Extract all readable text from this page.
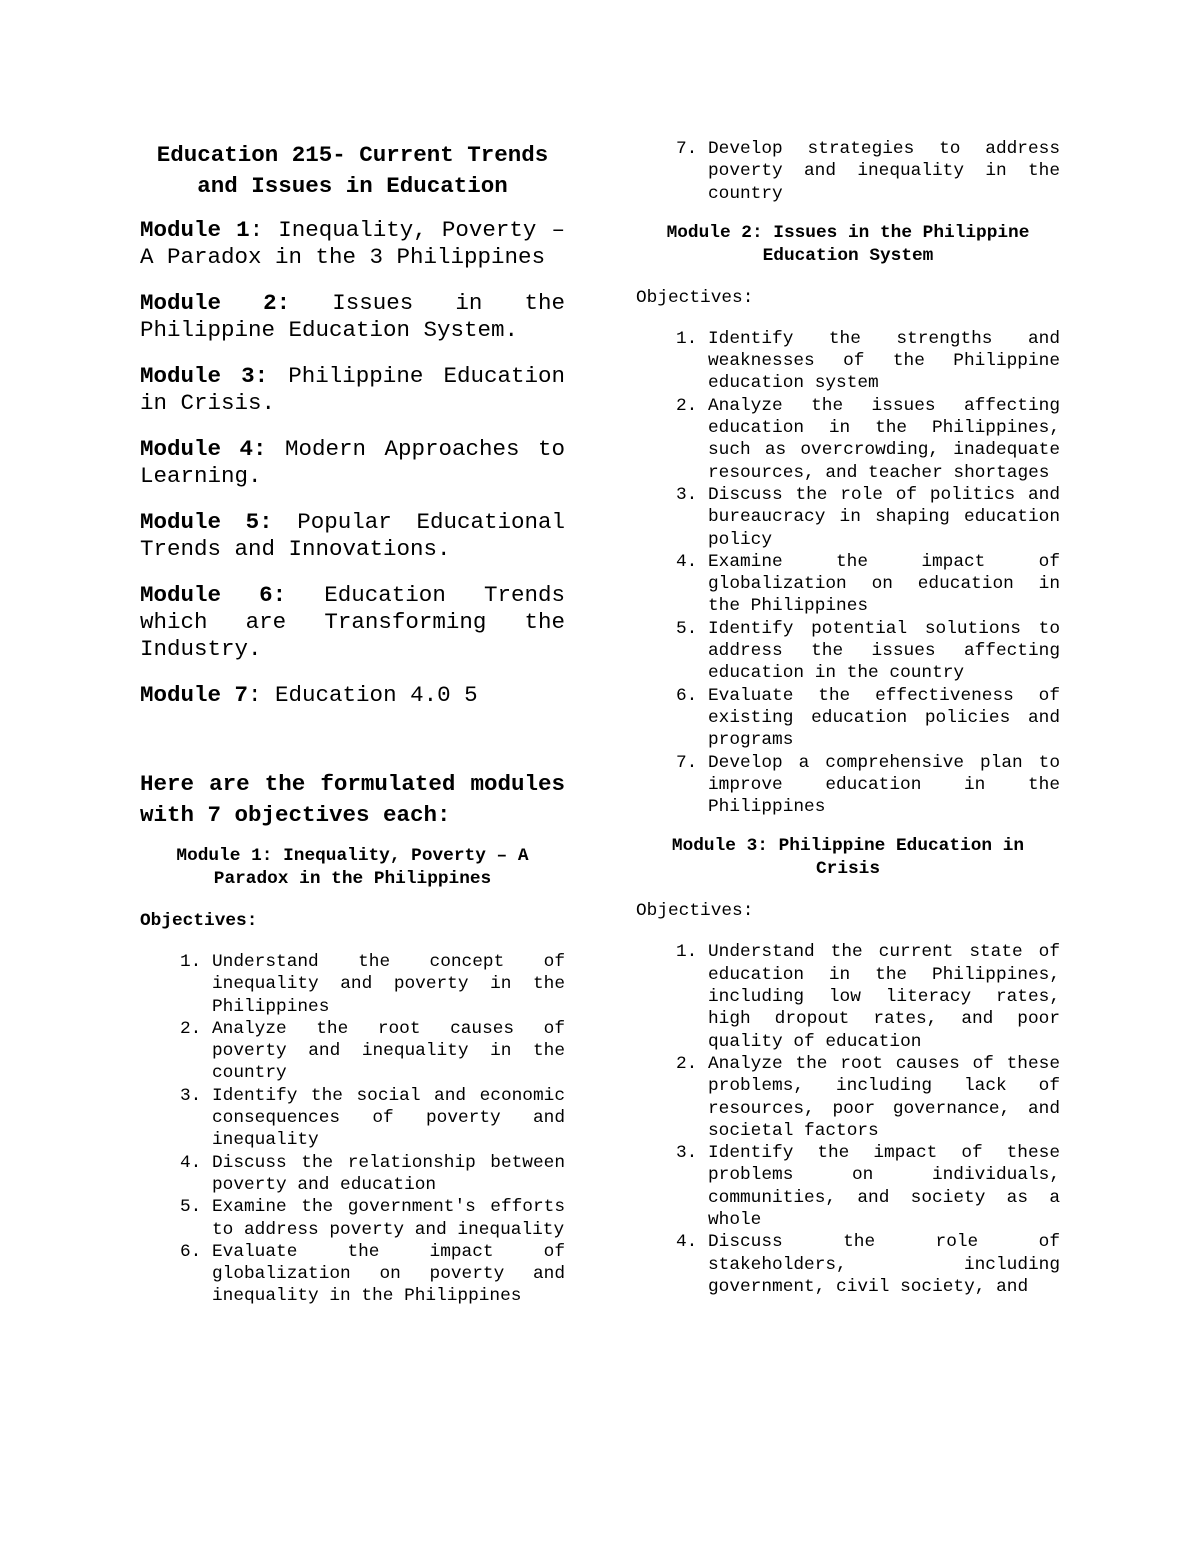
Education 215- Current Trends and Issues in Education
Module 1: Inequality, Poverty –A Paradox in the 3 Philippines
Module 2: Issues in the Philippine Education System.
Module 3: Philippine Education in Crisis.
Module 4: Modern Approaches to Learning.
Module 5: Popular Educational Trends and Innovations.
Module 6: Education Trends which are Transforming the Industry.
Module 7: Education 4.0 5
Here are the formulated modules with 7 objectives each:
Module 1: Inequality, Poverty – A Paradox in the Philippines
Objectives:
1. Understand the concept of inequality and poverty in the Philippines
2. Analyze the root causes of poverty and inequality in the country
3. Identify the social and economic consequences of poverty and inequality
4. Discuss the relationship between poverty and education
5. Examine the government's efforts to address poverty and inequality
6. Evaluate the impact of globalization on poverty and inequality in the Philippines
7. Develop strategies to address poverty and inequality in the country
Module 2: Issues in the Philippine Education System
Objectives:
1. Identify the strengths and weaknesses of the Philippine education system
2. Analyze the issues affecting education in the Philippines, such as overcrowding, inadequate resources, and teacher shortages
3. Discuss the role of politics and bureaucracy in shaping education policy
4. Examine the impact of globalization on education in the Philippines
5. Identify potential solutions to address the issues affecting education in the country
6. Evaluate the effectiveness of existing education policies and programs
7. Develop a comprehensive plan to improve education in the Philippines
Module 3: Philippine Education in Crisis
Objectives:
1. Understand the current state of education in the Philippines, including low literacy rates, high dropout rates, and poor quality of education
2. Analyze the root causes of these problems, including lack of resources, poor governance, and societal factors
3. Identify the impact of these problems on individuals, communities, and society as a whole
4. Discuss the role of stakeholders, including government, civil society, and
